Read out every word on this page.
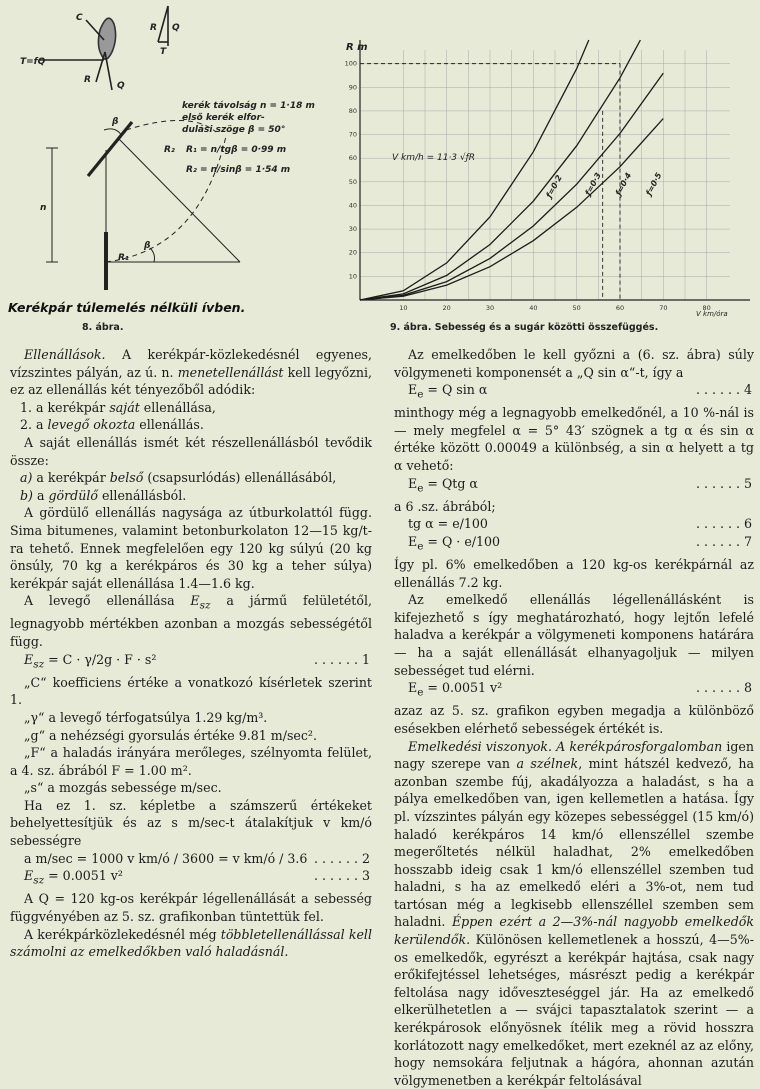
C
Q
R
T=fQ
R Q
T
kerék távolság n = 1·18 m
első kerék elfor-
dulási szöge β = 50°
R₁ = n/tgβ = 0·99 m
R₂ = n/sinβ = 1·54 m
R₂
R₁
n
β
β
Kerékpár túlemelés nélküli ívben.
8. ábra.
100
90
80
70
60
50
40
30
20
10
10	20	30	40	50	60	70	80
ƒ=0·2 ƒ=0·3 ƒ=0·4 ƒ=0·5
R m
V km/óra
V km/h = 11·3 √ƒR
9. ábra. Sebesség és a sugár közötti összefüggés.

Ellenállások. A kerékpár-közlekedésnél egyenes, vízszintes pályán, az ú. n. menetellenállást kell legyőzni, ez az ellenállás két tényezőből adódik:

1. a kerékpár saját ellenállása,

2. a levegő okozta ellenállás.

A saját ellenállás ismét két részellenállásból tevődik össze:

a) a kerékpár belső (csapsurlódás) ellenállásából,

b) a gördülő ellenállásból.

A gördülő ellenállás nagysága az útburkolattól függ. Sima bitumenes, valamint betonburkolaton 12—15 kg/t-ra tehető. Ennek megfelelően egy 120 kg súlyú (20 kg önsúly, 70 kg a kerékpáros és 30 kg a teher súlya) kerékpár saját ellenállása 1.4—1.6 kg.

A levegő ellenállása $E_{sz}$ a jármű felületétől, legnagyobb mértékben azonban a mozgás sebességétől függ.

$E_{sz} = C \cdot \gamma/2g \cdot F \cdot s^2$	. . . . . . 1

„C“ koefficiens értéke a vonatkozó kísérletek szerint 1.

„γ“ a levegő térfogatsúlya 1.29 kg/m³.

„g“ a nehézségi gyorsulás értéke 9.81 m/sec².

„F“ a haladás irányára merőleges, szélnyomta felület, a 4. sz. ábrából F = 1.00 m².

„s“ a mozgás sebessége m/sec.

Ha ez 1. sz. képletbe a számszerű értékeket behelyettesítjük és az s m/sec-t átalakítjuk v km/ó sebességre

a m/sec = 1000 v km/ó / 3600 = v km/ó / 3.6 . . . . . . 2
$E_{sz} = 0.0051$ v²	. . . . . . 3

A Q = 120 kg-os kerékpár légellenállását a sebesség függvényében az 5. sz. grafikonban tüntettük fel.

A kerékpárközlekedésnél még többletellenállással kell számolni az emelkedőkben való haladásnál.

Az emelkedőben le kell győzni a (6. sz. ábra) súly völgymeneti komponensét a „Q sin α“-t, így a

$E_e = Q$ sin α	. . . . . . 4

minthogy még a legnagyobb emelkedőnél, a 10 %-nál is — mely megfelel α = 5° 43′ szögnek a tg α és sin α értéke között 0.00049 a különbség, a sin α helyett a tg α vehető:

$E_e$ = Qtg α	. . . . . . 5

a 6 .sz. ábrából;

tg α = e/100	. . . . . . 6
$E_e = Q \cdot e/100$	. . . . . . 7

Így pl. 6% emelkedőben a 120 kg-os kerékpárnál az ellenállás 7.2 kg.

Az emelkedő ellenállás légellenállásként is kifejezhető s így meghatározható, hogy lejtőn lefelé haladva a kerékpár a völgymeneti komponens határára — ha a saját ellenállását elhanyagoljuk — milyen sebességet tud elérni.

$E_e = 0.0051$ v²	. . . . . . 8

azaz az 5. sz. grafikon egyben megadja a különböző esésekben elérhető sebességek értékét is.

Emelkedési viszonyok. A kerékpárosforgalomban igen nagy szerepe van a szélnek, mint hátszél kedvező, ha azonban szembe fúj, akadályozza a haladást, s ha a pálya emelkedőben van, igen kellemetlen a hatása. Így pl. vízszintes pályán egy közepes sebességgel (15 km/ó) haladó kerékpáros 14 km/ó ellenszéllel szembe megerőltetés nélkül haladhat, 2% emelkedőben hosszabb ideig csak 1 km/ó ellenszéllel szemben tud haladni, s ha az emelkedő eléri a 3%-ot, nem tud tartósan még a legkisebb ellenszéllel szemben sem haladni. Éppen ezért a 2—3%-nál nagyobb emelkedők kerülendők. Különösen kellemetlenek a hosszú, 4—5%-os emelkedők, egyrészt a kerékpár hajtása, csak nagy erőkifejtéssel lehetséges, másrészt pedig a kerékpár feltolása nagy időveszteséggel jár. Ha az emelkedő elkerülhetetlen a — svájci tapasztalatok szerint — a kerékpárosok előnyösnek ítélik meg a rövid hosszra korlátozott nagy emelkedőket, mert ezeknél az az előny, hogy nemsokára feljutnak a hágóra, ahonnan azután völgymenetben a kerékpár feltolásával
